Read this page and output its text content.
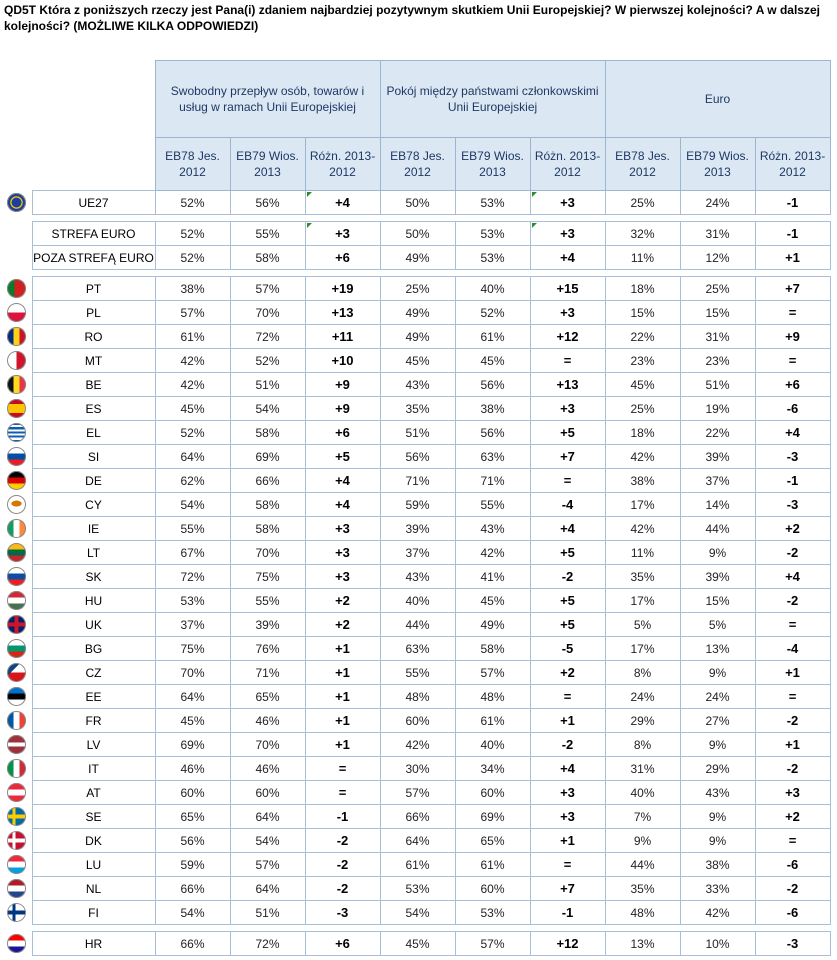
QD5T Która z poniższych rzeczy jest Pana(i) zdaniem najbardziej pozytywnym skutkiem Unii Europejskiej? W pierwszej kolejności? A w dalszej kolejności? (MOŻLIWE KILKA ODPOWIEDZI)
		Swobodny przepływ osób, towarów i usług w ramach Unii Europejskiej			Pokój między państwami członkowskimi Unii Europejskiej			Euro		
		EB78 Jes. 2012	EB79 Wios. 2013	Różn. 2013-2012	EB78 Jes. 2012	EB79 Wios. 2013	Różn. 2013-2012	EB78 Jes. 2012	EB79 Wios. 2013	Różn. 2013-2012
	UE27	52%	56%	+4	50%	53%	+3	25%	24%	-1

	STREFA EURO	52%	55%	+3	50%	53%	+3	32%	31%	-1
	POZA STREFĄ EURO	52%	58%	+6	49%	53%	+4	11%	12%	+1

	PT	38%	57%	+19	25%	40%	+15	18%	25%	+7
	PL	57%	70%	+13	49%	52%	+3	15%	15%	=
	RO	61%	72%	+11	49%	61%	+12	22%	31%	+9
	MT	42%	52%	+10	45%	45%	=	23%	23%	=
	BE	42%	51%	+9	43%	56%	+13	45%	51%	+6
	ES	45%	54%	+9	35%	38%	+3	25%	19%	-6
	EL	52%	58%	+6	51%	56%	+5	18%	22%	+4
	SI	64%	69%	+5	56%	63%	+7	42%	39%	-3
	DE	62%	66%	+4	71%	71%	=	38%	37%	-1
	CY	54%	58%	+4	59%	55%	-4	17%	14%	-3
	IE	55%	58%	+3	39%	43%	+4	42%	44%	+2
	LT	67%	70%	+3	37%	42%	+5	11%	9%	-2
	SK	72%	75%	+3	43%	41%	-2	35%	39%	+4
	HU	53%	55%	+2	40%	45%	+5	17%	15%	-2
	UK	37%	39%	+2	44%	49%	+5	5%	5%	=
	BG	75%	76%	+1	63%	58%	-5	17%	13%	-4
	CZ	70%	71%	+1	55%	57%	+2	8%	9%	+1
	EE	64%	65%	+1	48%	48%	=	24%	24%	=
	FR	45%	46%	+1	60%	61%	+1	29%	27%	-2
	LV	69%	70%	+1	42%	40%	-2	8%	9%	+1
	IT	46%	46%	=	30%	34%	+4	31%	29%	-2
	AT	60%	60%	=	57%	60%	+3	40%	43%	+3
	SE	65%	64%	-1	66%	69%	+3	7%	9%	+2
	DK	56%	54%	-2	64%	65%	+1	9%	9%	=
	LU	59%	57%	-2	61%	61%	=	44%	38%	-6
	NL	66%	64%	-2	53%	60%	+7	35%	33%	-2
	FI	54%	51%	-3	54%	53%	-1	48%	42%	-6

	HR	66%	72%	+6	45%	57%	+12	13%	10%	-3
